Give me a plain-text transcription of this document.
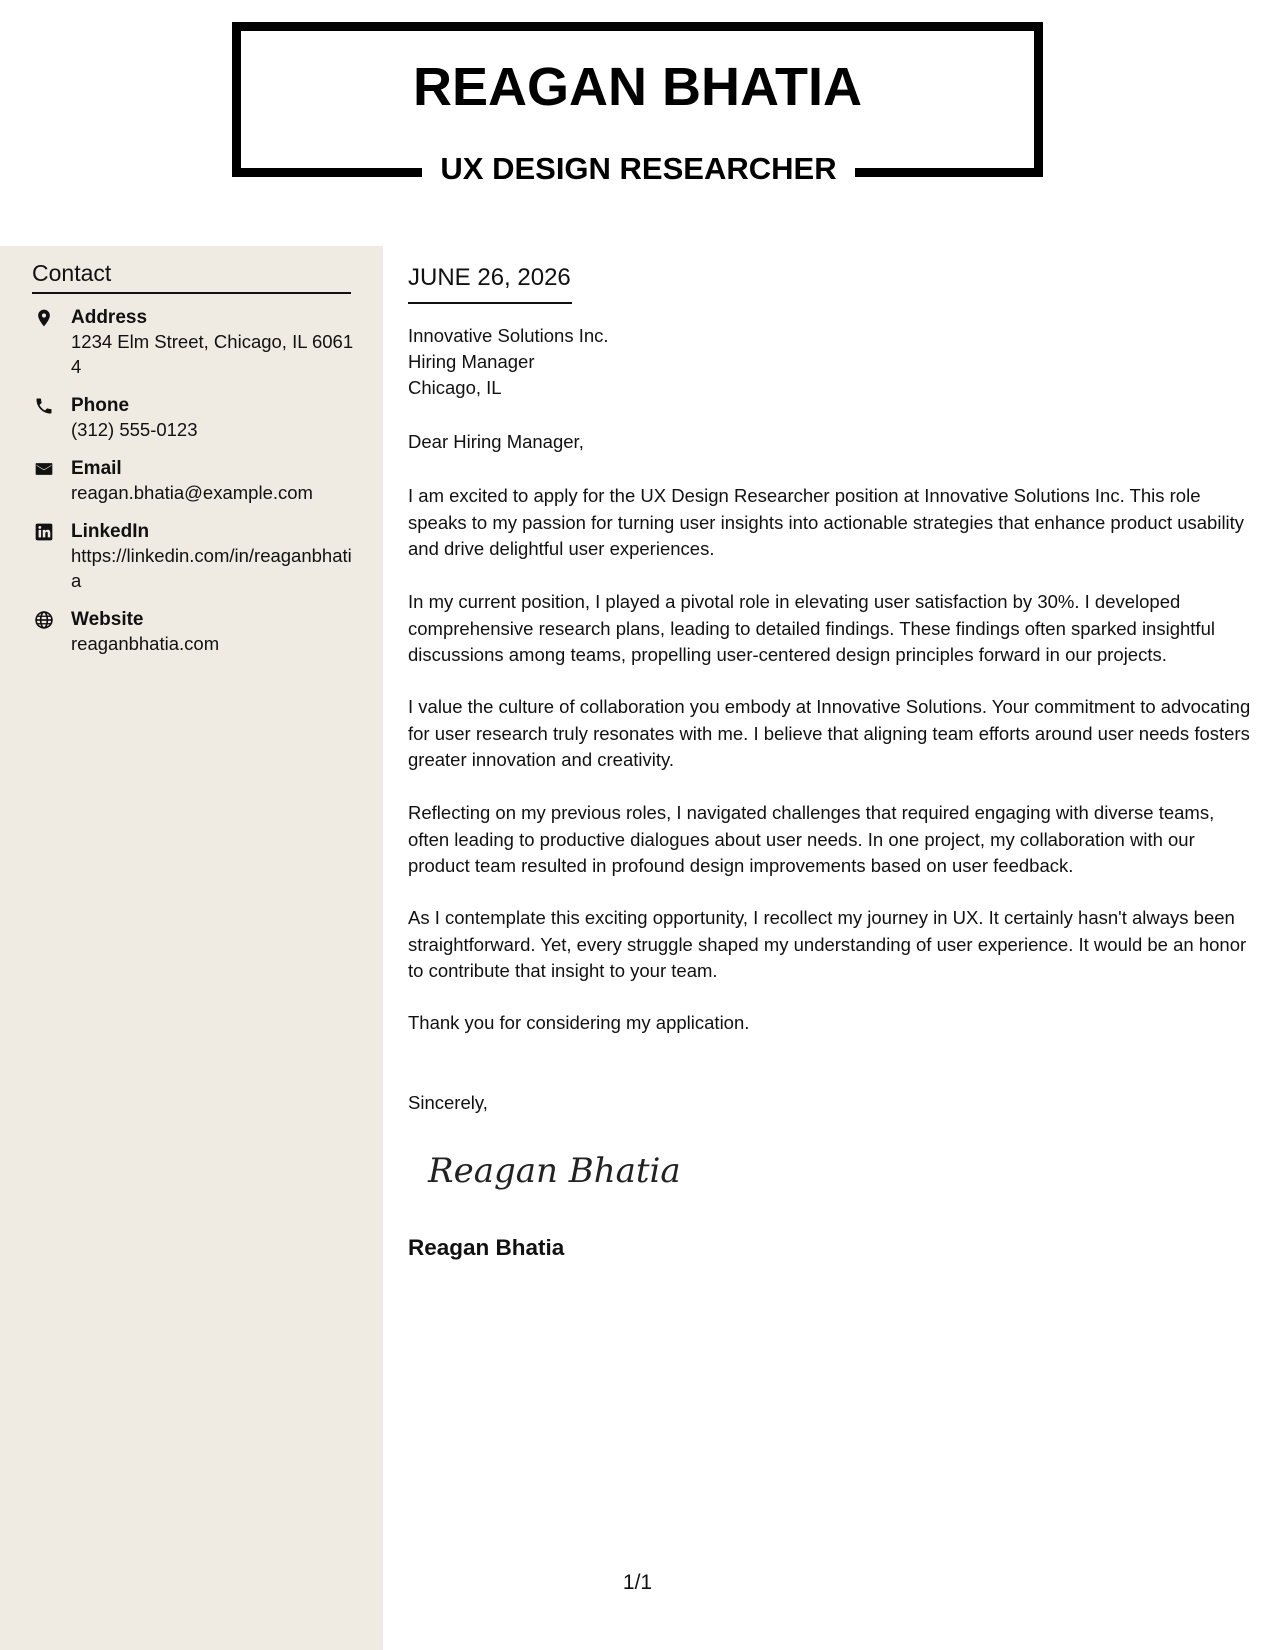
REAGAN BHATIA
UX DESIGN RESEARCHER
Contact
Address
1234 Elm Street, Chicago, IL 60614
Phone
(312) 555-0123
Email
reagan.bhatia@example.com
LinkedIn
https://linkedin.com/in/reaganbhatia
Website
reaganbhatia.com
JUNE 26, 2026
Innovative Solutions Inc.
Hiring Manager
Chicago, IL

Dear Hiring Manager,

I am excited to apply for the UX Design Researcher position at Innovative Solutions Inc. This role speaks to my passion for turning user insights into actionable strategies that enhance product usability and drive delightful user experiences.

In my current position, I played a pivotal role in elevating user satisfaction by 30%. I developed comprehensive research plans, leading to detailed findings. These findings often sparked insightful discussions among teams, propelling user-centered design principles forward in our projects.

I value the culture of collaboration you embody at Innovative Solutions. Your commitment to advocating for user research truly resonates with me. I believe that aligning team efforts around user needs fosters greater innovation and creativity.

Reflecting on my previous roles, I navigated challenges that required engaging with diverse teams, often leading to productive dialogues about user needs. In one project, my collaboration with our product team resulted in profound design improvements based on user feedback.

As I contemplate this exciting opportunity, I recollect my journey in UX. It certainly hasn't always been straightforward. Yet, every struggle shaped my understanding of user experience. It would be an honor to contribute that insight to your team.

Thank you for considering my application.

Sincerely,

Reagan Bhatia
Reagan Bhatia
1/1
